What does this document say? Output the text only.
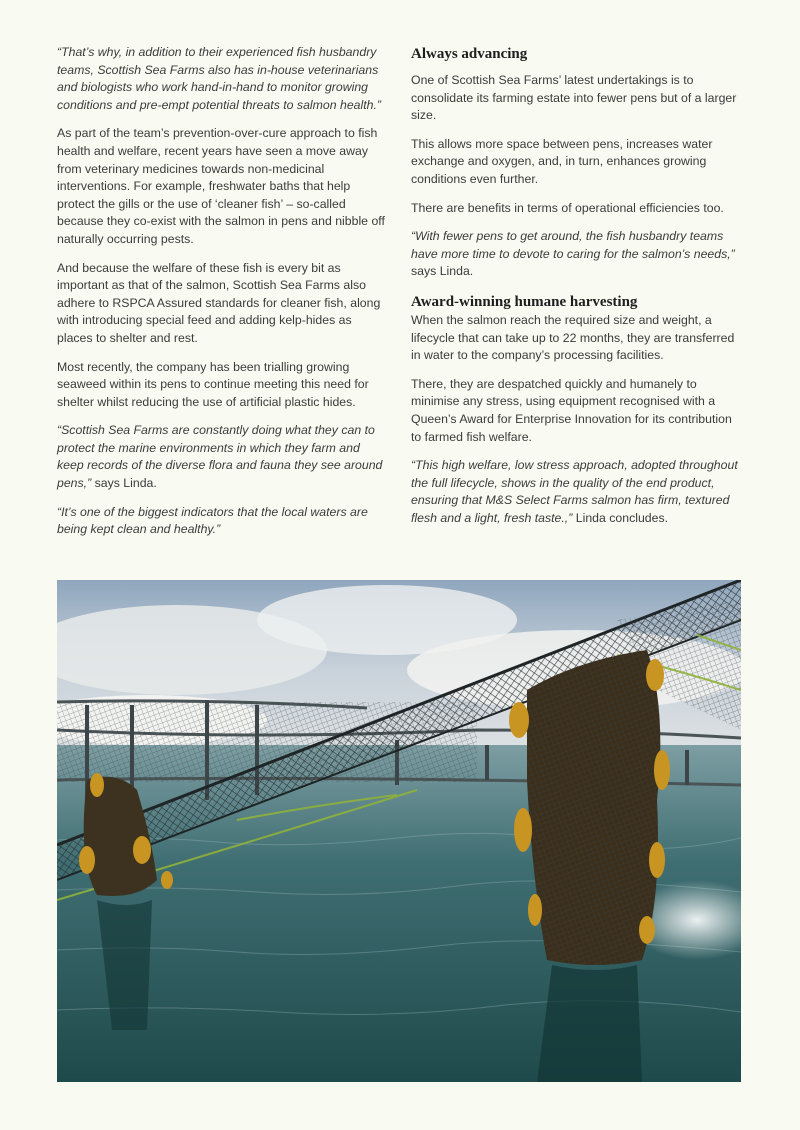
“That’s why, in addition to their experienced fish husbandry teams, Scottish Sea Farms also has in-house veterinarians and biologists who work hand-in-hand to monitor growing conditions and pre-empt potential threats to salmon health.”

As part of the team’s prevention-over-cure approach to fish health and welfare, recent years have seen a move away from veterinary medicines towards non-medicinal interventions. For example, freshwater baths that help protect the gills or the use of ‘cleaner fish’ – so-called because they co-exist with the salmon in pens and nibble off naturally occurring pests.

And because the welfare of these fish is every bit as important as that of the salmon, Scottish Sea Farms also adhere to RSPCA Assured standards for cleaner fish, along with introducing special feed and adding kelp-hides as places to shelter and rest.

Most recently, the company has been trialling growing seaweed within its pens to continue meeting this need for shelter whilst reducing the use of artificial plastic hides.

“Scottish Sea Farms are constantly doing what they can to protect the marine environments in which they farm and keep records of the diverse flora and fauna they see around pens,” says Linda.

“It’s one of the biggest indicators that the local waters are being kept clean and healthy.”

Always advancing

One of Scottish Sea Farms’ latest undertakings is to consolidate its farming estate into fewer pens but of a larger size.

This allows more space between pens, increases water exchange and oxygen, and, in turn, enhances growing conditions even further.

There are benefits in terms of operational efficiencies too.

“With fewer pens to get around, the fish husbandry teams have more time to devote to caring for the salmon’s needs,” says Linda.

Award-winning humane harvesting

When the salmon reach the required size and weight, a lifecycle that can take up to 22 months, they are transferred in water to the company’s processing facilities.

There, they are despatched quickly and humanely to minimise any stress, using equipment recognised with a Queen’s Award for Enterprise Innovation for its contribution to farmed fish welfare.

“This high welfare, low stress approach, adopted throughout the full lifecycle, shows in the quality of the end product, ensuring that M&S Select Farms salmon has firm, textured flesh and a light, fresh taste.,” Linda concludes.
